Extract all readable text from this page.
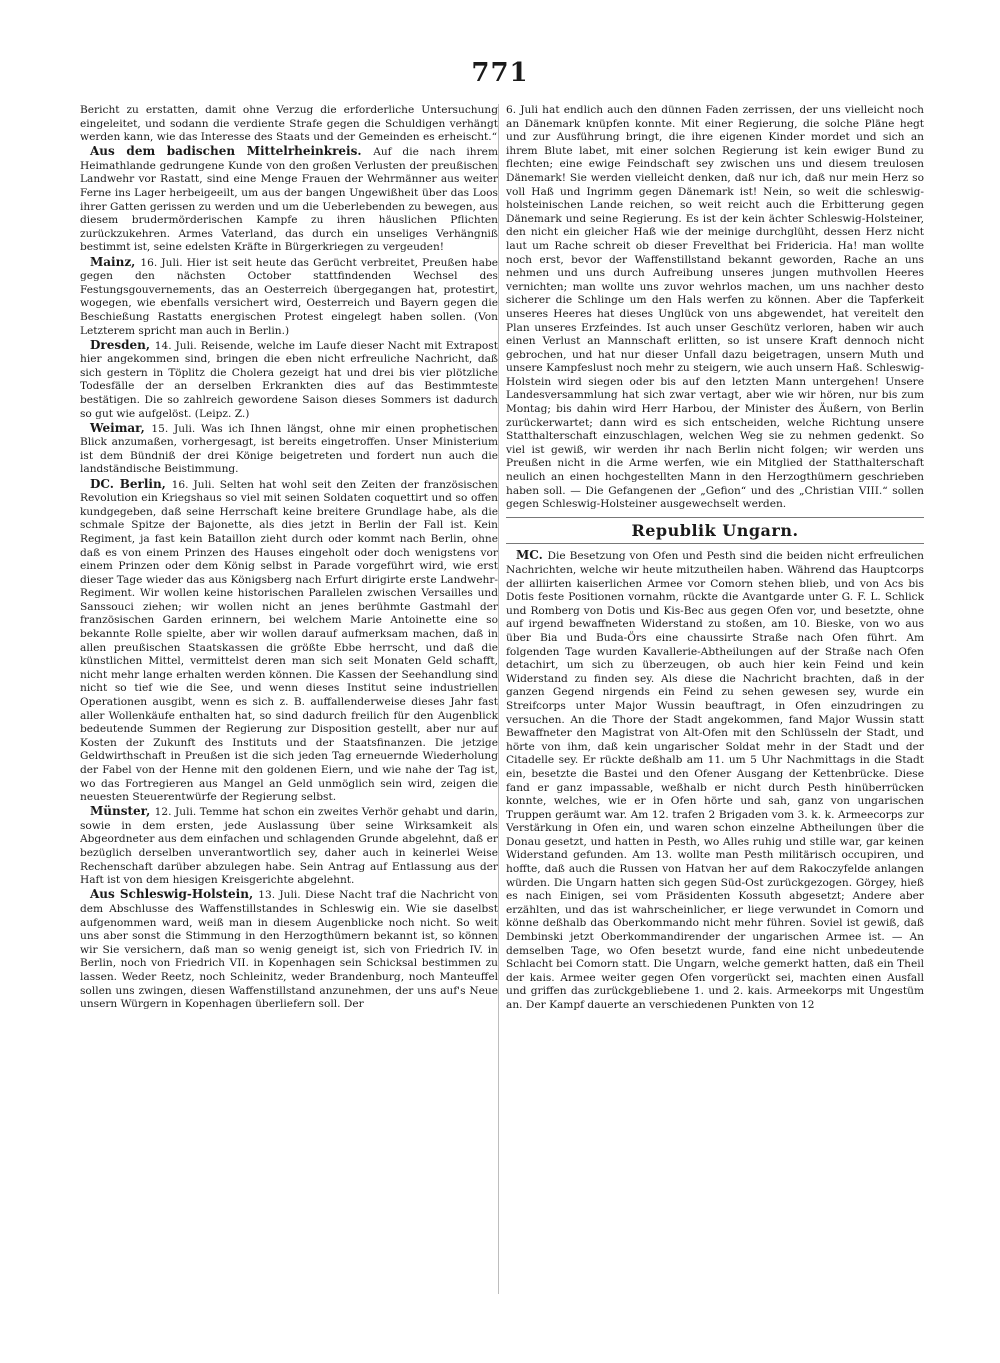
771

Bericht zu erstatten, damit ohne Verzug die erforderliche Untersuchung eingeleitet, und sodann die verdiente Strafe gegen die Schuldigen verhängt werden kann, wie das Interesse des Staats und der Gemeinden es erheischt.“

Aus dem badischen Mittelrheinkreis. Auf die nach ihrem Heimathlande gedrungene Kunde von den großen Verlusten der preußischen Landwehr vor Rastatt, sind eine Menge Frauen der Wehrmänner aus weiter Ferne ins Lager herbeigeeilt, um aus der bangen Ungewißheit über das Loos ihrer Gatten gerissen zu werden und um die Ueberlebenden zu bewegen, aus diesem brudermörderischen Kampfe zu ihren häuslichen Pflichten zurückzukehren. Armes Vaterland, das durch ein unseliges Verhängniß bestimmt ist, seine edelsten Kräfte in Bürgerkriegen zu vergeuden!

Mainz, 16. Juli. Hier ist seit heute das Gerücht verbreitet, Preußen habe gegen den nächsten October stattfindenden Wechsel des Festungsgouvernements, das an Oesterreich übergegangen hat, protestirt, wogegen, wie ebenfalls versichert wird, Oesterreich und Bayern gegen die Beschießung Rastatts energischen Protest eingelegt haben sollen. (Von Letzterem spricht man auch in Berlin.)

Dresden, 14. Juli. Reisende, welche im Laufe dieser Nacht mit Extrapost hier angekommen sind, bringen die eben nicht erfreuliche Nachricht, daß sich gestern in Töplitz die Cholera gezeigt hat und drei bis vier plötzliche Todesfälle der an derselben Erkrankten dies auf das Bestimmteste bestätigen. Die so zahlreich gewordene Saison dieses Sommers ist dadurch so gut wie aufgelöst. (Leipz. Z.)

Weimar, 15. Juli. Was ich Ihnen längst, ohne mir einen prophetischen Blick anzumaßen, vorhergesagt, ist bereits eingetroffen. Unser Ministerium ist dem Bündniß der drei Könige beigetreten und fordert nun auch die landständische Beistimmung.

DC. Berlin, 16. Juli. Selten hat wohl seit den Zeiten der französischen Revolution ein Kriegshaus so viel mit seinen Soldaten coquettirt und so offen kundgegeben, daß seine Herrschaft keine breitere Grundlage habe, als die schmale Spitze der Bajonette, als dies jetzt in Berlin der Fall ist. Kein Regiment, ja fast kein Bataillon zieht durch oder kommt nach Berlin, ohne daß es von einem Prinzen des Hauses eingeholt oder doch wenigstens vor einem Prinzen oder dem König selbst in Parade vorgeführt wird, wie erst dieser Tage wieder das aus Königsberg nach Erfurt dirigirte erste Landwehr-Regiment. Wir wollen keine historischen Parallelen zwischen Versailles und Sanssouci ziehen; wir wollen nicht an jenes berühmte Gastmahl der französischen Garden erinnern, bei welchem Marie Antoinette eine so bekannte Rolle spielte, aber wir wollen darauf aufmerksam machen, daß in allen preußischen Staatskassen die größte Ebbe herrscht, und daß die künstlichen Mittel, vermittelst deren man sich seit Monaten Geld schafft, nicht mehr lange erhalten werden können. Die Kassen der Seehandlung sind nicht so tief wie die See, und wenn dieses Institut seine industriellen Operationen ausgibt, wenn es sich z. B. auffallenderweise dieses Jahr fast aller Wollenkäufe enthalten hat, so sind dadurch freilich für den Augenblick bedeutende Summen der Regierung zur Disposition gestellt, aber nur auf Kosten der Zukunft des Instituts und der Staatsfinanzen. Die jetzige Geldwirthschaft in Preußen ist die sich jeden Tag erneuernde Wiederholung der Fabel von der Henne mit den goldenen Eiern, und wie nahe der Tag ist, wo das Fortregieren aus Mangel an Geld unmöglich sein wird, zeigen die neuesten Steuerentwürfe der Regierung selbst.

Münster, 12. Juli. Temme hat schon ein zweites Verhör gehabt und darin, sowie in dem ersten, jede Auslassung über seine Wirksamkeit als Abgeordneter aus dem einfachen und schlagenden Grunde abgelehnt, daß er bezüglich derselben unverantwortlich sey, daher auch in keinerlei Weise Rechenschaft darüber abzulegen habe. Sein Antrag auf Entlassung aus der Haft ist von dem hiesigen Kreisgerichte abgelehnt.

Aus Schleswig-Holstein, 13. Juli. Diese Nacht traf die Nachricht von dem Abschlusse des Waffenstillstandes in Schleswig ein. Wie sie daselbst aufgenommen ward, weiß man in diesem Augenblicke noch nicht. So weit uns aber sonst die Stimmung in den Herzogthümern bekannt ist, so können wir Sie versichern, daß man so wenig geneigt ist, sich von Friedrich IV. in Berlin, noch von Friedrich VII. in Kopenhagen sein Schicksal bestimmen zu lassen. Weder Reetz, noch Schleinitz, weder Brandenburg, noch Manteuffel sollen uns zwingen, diesen Waffenstillstand anzunehmen, der uns auf's Neue unsern Würgern in Kopenhagen überliefern soll. Der

6. Juli hat endlich auch den dünnen Faden zerrissen, der uns vielleicht noch an Dänemark knüpfen konnte. Mit einer Regierung, die solche Pläne hegt und zur Ausführung bringt, die ihre eigenen Kinder mordet und sich an ihrem Blute labet, mit einer solchen Regierung ist kein ewiger Bund zu flechten; eine ewige Feindschaft sey zwischen uns und diesem treulosen Dänemark! Sie werden vielleicht denken, daß nur ich, daß nur mein Herz so voll Haß und Ingrimm gegen Dänemark ist! Nein, so weit die schleswig-holsteinischen Lande reichen, so weit reicht auch die Erbitterung gegen Dänemark und seine Regierung. Es ist der kein ächter Schleswig-Holsteiner, den nicht ein gleicher Haß wie der meinige durchglüht, dessen Herz nicht laut um Rache schreit ob dieser Frevelthat bei Fridericia. Ha! man wollte noch erst, bevor der Waffenstillstand bekannt geworden, Rache an uns nehmen und uns durch Aufreibung unseres jungen muthvollen Heeres vernichten; man wollte uns zuvor wehrlos machen, um uns nachher desto sicherer die Schlinge um den Hals werfen zu können. Aber die Tapferkeit unseres Heeres hat dieses Unglück von uns abgewendet, hat vereitelt den Plan unseres Erzfeindes. Ist auch unser Geschütz verloren, haben wir auch einen Verlust an Mannschaft erlitten, so ist unsere Kraft dennoch nicht gebrochen, und hat nur dieser Unfall dazu beigetragen, unsern Muth und unsere Kampfeslust noch mehr zu steigern, wie auch unsern Haß. Schleswig-Holstein wird siegen oder bis auf den letzten Mann untergehen! Unsere Landesversammlung hat sich zwar vertagt, aber wie wir hören, nur bis zum Montag; bis dahin wird Herr Harbou, der Minister des Äußern, von Berlin zurückerwartet; dann wird es sich entscheiden, welche Richtung unsere Statthalterschaft einzuschlagen, welchen Weg sie zu nehmen gedenkt. So viel ist gewiß, wir werden ihr nach Berlin nicht folgen; wir werden uns Preußen nicht in die Arme werfen, wie ein Mitglied der Statthalterschaft neulich an einen hochgestellten Mann in den Herzogthümern geschrieben haben soll. — Die Gefangenen der „Gefion“ und des „Christian VIII.“ sollen gegen Schleswig-Holsteiner ausgewechselt werden.

Republik Ungarn.

MC. Die Besetzung von Ofen und Pesth sind die beiden nicht erfreulichen Nachrichten, welche wir heute mitzutheilen haben. Während das Hauptcorps der alliirten kaiserlichen Armee vor Comorn stehen blieb, und von Acs bis Dotis feste Positionen vornahm, rückte die Avantgarde unter G. F. L. Schlick und Romberg von Dotis und Kis-Bec aus gegen Ofen vor, und besetzte, ohne auf irgend bewaffneten Widerstand zu stoßen, am 10. Bieske, von wo aus über Bia und Buda-Örs eine chaussirte Straße nach Ofen führt. Am folgenden Tage wurden Kavallerie-Abtheilungen auf der Straße nach Ofen detachirt, um sich zu überzeugen, ob auch hier kein Feind und kein Widerstand zu finden sey. Als diese die Nachricht brachten, daß in der ganzen Gegend nirgends ein Feind zu sehen gewesen sey, wurde ein Streifcorps unter Major Wussin beauftragt, in Ofen einzudringen zu versuchen. An die Thore der Stadt angekommen, fand Major Wussin statt Bewaffneter den Magistrat von Alt-Ofen mit den Schlüsseln der Stadt, und hörte von ihm, daß kein ungarischer Soldat mehr in der Stadt und der Citadelle sey. Er rückte deßhalb am 11. um 5 Uhr Nachmittags in die Stadt ein, besetzte die Bastei und den Ofener Ausgang der Kettenbrücke. Diese fand er ganz impassable, weßhalb er nicht durch Pesth hinüberrücken konnte, welches, wie er in Ofen hörte und sah, ganz von ungarischen Truppen geräumt war. Am 12. trafen 2 Brigaden vom 3. k. k. Armeecorps zur Verstärkung in Ofen ein, und waren schon einzelne Abtheilungen über die Donau gesetzt, und hatten in Pesth, wo Alles ruhig und stille war, gar keinen Widerstand gefunden. Am 13. wollte man Pesth militärisch occupiren, und hoffte, daß auch die Russen von Hatvan her auf dem Rakoczyfelde anlangen würden. Die Ungarn hatten sich gegen Süd-Ost zurückgezogen. Görgey, hieß es nach Einigen, sei vom Präsidenten Kossuth abgesetzt; Andere aber erzählten, und das ist wahrscheinlicher, er liege verwundet in Comorn und könne deßhalb das Oberkommando nicht mehr führen. Soviel ist gewiß, daß Dembinski jetzt Oberkommandirender der ungarischen Armee ist. — An demselben Tage, wo Ofen besetzt wurde, fand eine nicht unbedeutende Schlacht bei Comorn statt. Die Ungarn, welche gemerkt hatten, daß ein Theil der kais. Armee weiter gegen Ofen vorgerückt sei, machten einen Ausfall und griffen das zurückgebliebene 1. und 2. kais. Armeekorps mit Ungestüm an. Der Kampf dauerte an verschiedenen Punkten von 12
